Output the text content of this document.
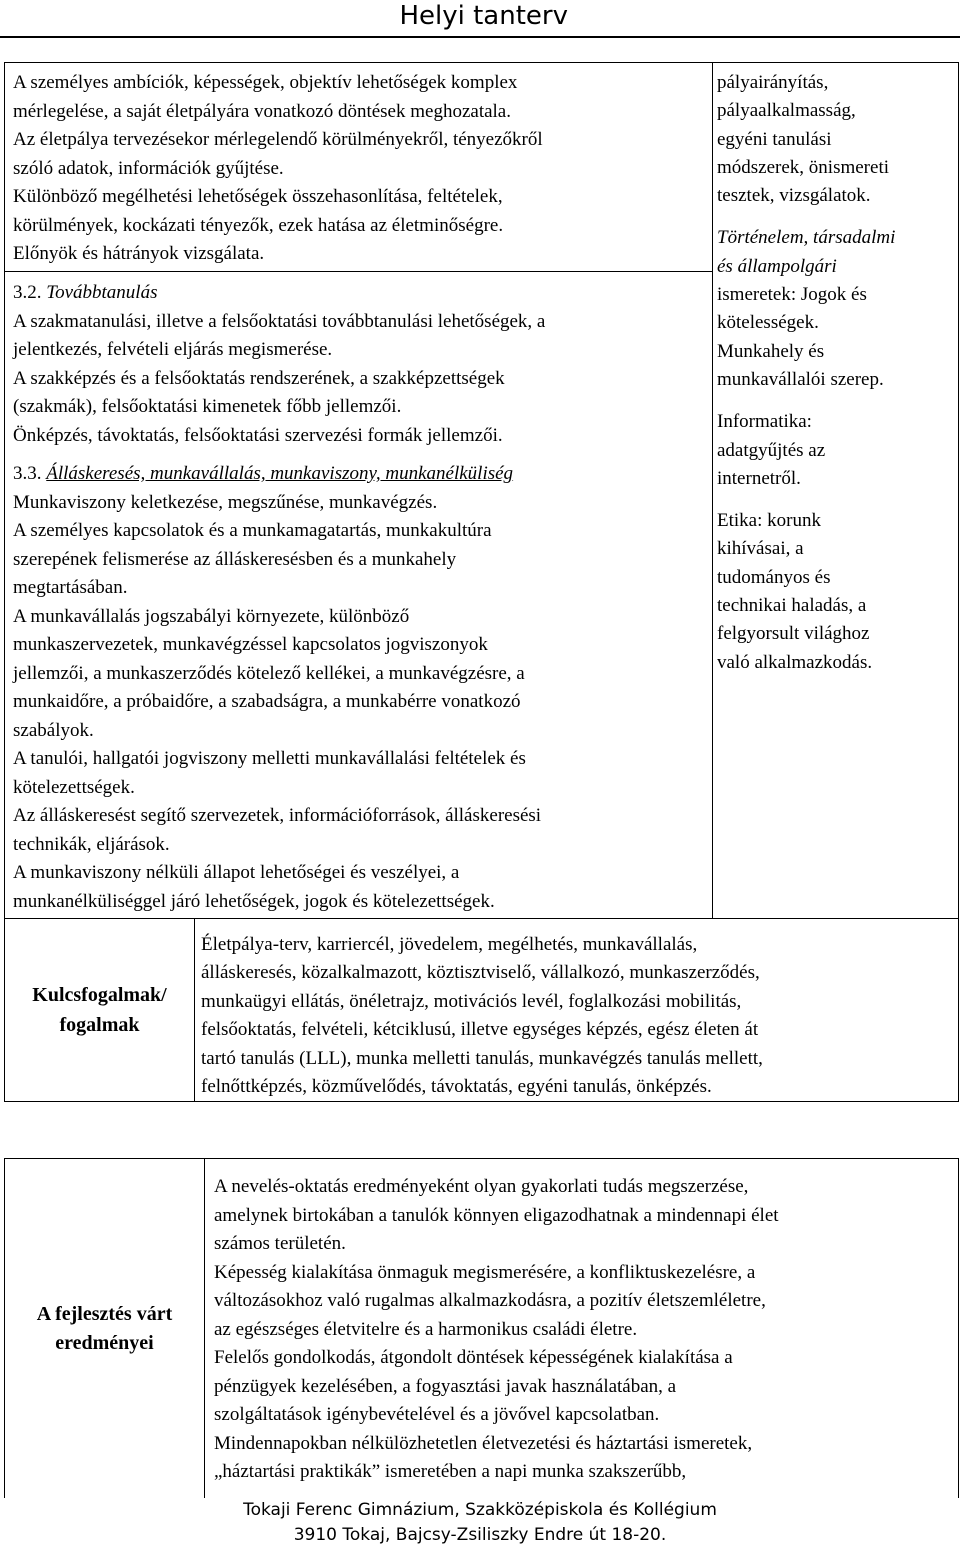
Helyi tanterv

A személyes ambíciók, képességek, objektív lehetőségek komplex

mérlegelése, a saját életpályára vonatkozó döntések meghozatala.

Az életpálya tervezésekor mérlegelendő körülményekről, tényezőkről

szóló adatok, információk gyűjtése.

Különböző megélhetési lehetőségek összehasonlítása, feltételek,

körülmények, kockázati tényezők, ezek hatása az életminőségre.

Előnyök és hátrányok vizsgálata.

3.2. Továbbtanulás

A szakmatanulási, illetve a felsőoktatási továbbtanulási lehetőségek, a

jelentkezés, felvételi eljárás megismerése.

A szakképzés és a felsőoktatás rendszerének, a szakképzettségek

(szakmák), felsőoktatási kimenetek főbb jellemzői.

Önképzés, távoktatás, felsőoktatási szervezési formák jellemzői.

3.3. Álláskeresés, munkavállalás, munkaviszony, munkanélküliség

Munkaviszony keletkezése, megszűnése, munkavégzés.

A személyes kapcsolatok és a munkamagatartás, munkakultúra

szerepének felismerése az álláskeresésben és a munkahely

megtartásában.

A munkavállalás jogszabályi környezete, különböző

munkaszervezetek, munkavégzéssel kapcsolatos jogviszonyok

jellemzői, a munkaszerződés kötelező kellékei, a munkavégzésre, a

munkaidőre, a próbaidőre, a szabadságra, a munkabérre vonatkozó

szabályok.

A tanulói, hallgatói jogviszony melletti munkavállalási feltételek és

kötelezettségek.

Az álláskeresést segítő szervezetek, információforrások, álláskeresési

technikák, eljárások.

A munkaviszony nélküli állapot lehetőségei és veszélyei, a

munkanélküliséggel járó lehetőségek, jogok és kötelezettségek.

pályairányítás,

pályaalkalmasság,

egyéni tanulási

módszerek, önismereti

tesztek, vizsgálatok.

Történelem, társadalmi

és állampolgári

ismeretek: Jogok és

kötelességek.

Munkahely és

munkavállalói szerep.

Informatika:

adatgyűjtés az

internetről.

Etika: korunk

kihívásai, a

tudományos és

technikai haladás, a

felgyorsult világhoz

való alkalmazkodás.

Kulcsfogalmak/
fogalmak

Életpálya-terv, karriercél, jövedelem, megélhetés, munkavállalás,

álláskeresés, közalkalmazott, köztisztviselő, vállalkozó, munkaszerződés,

munkaügyi ellátás, önéletrajz, motivációs levél, foglalkozási mobilitás,

felsőoktatás, felvételi, kétciklusú, illetve egységes képzés, egész életen át

tartó tanulás (LLL), munka melletti tanulás, munkavégzés tanulás mellett,

felnőttképzés, közművelődés, távoktatás, egyéni tanulás, önképzés.

A fejlesztés várt
eredményei

A nevelés-oktatás eredményeként olyan gyakorlati tudás megszerzése,

amelynek birtokában a tanulók könnyen eligazodhatnak a mindennapi élet

számos területén.

Képesség kialakítása önmaguk megismerésére, a konfliktuskezelésre, a

változásokhoz való rugalmas alkalmazkodásra, a pozitív életszemléletre,

az egészséges életvitelre és a harmonikus családi életre.

Felelős gondolkodás, átgondolt döntések képességének kialakítása a

pénzügyek kezelésében, a fogyasztási javak használatában, a

szolgáltatások igénybevételével és a jövővel kapcsolatban.

Mindennapokban nélkülözhetetlen életvezetési és háztartási ismeretek,

„háztartási praktikák” ismeretében a napi munka szakszerűbb,

Tokaji Ferenc Gimnázium, Szakközépiskola és Kollégium
3910 Tokaj, Bajcsy-Zsiliszky Endre út 18-20.
